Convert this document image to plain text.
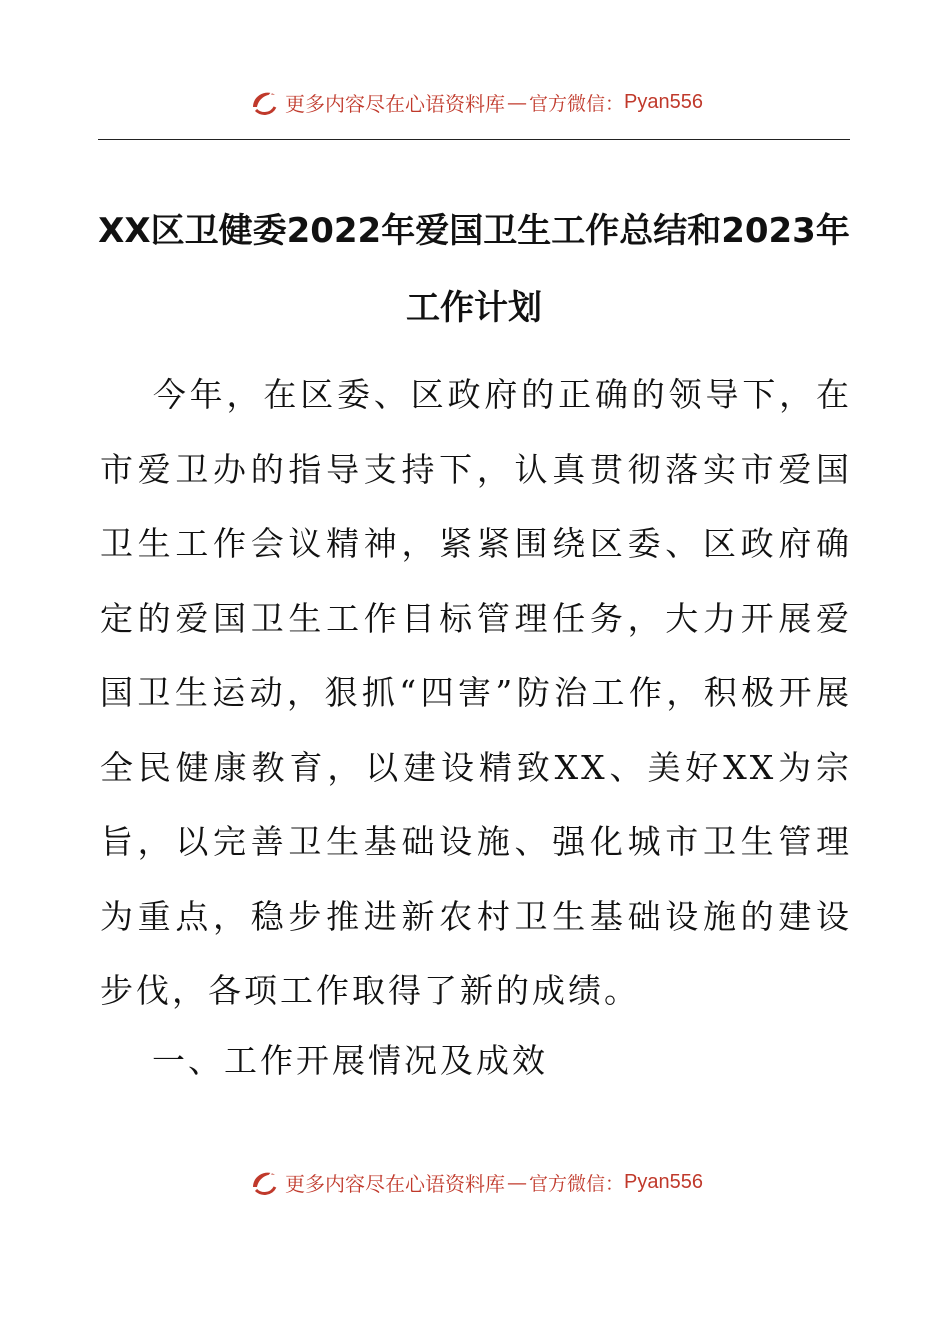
更多内容尽在心语资料库 — 官方微信： Pyan556
XX区卫健委2022年爱国卫生工作总结和2023年
工作计划

今年，在区委、区政府的正确的领导下，在市爱卫办的指导支持下，认真贯彻落实市爱国卫生工作会议精神，紧紧围绕区委、区政府确定的爱国卫生工作目标管理任务，大力开展爱国卫生运动，狠抓“四害”防治工作，积极开展全民健康教育，以建设精致XX、美好XX为宗旨，以完善卫生基础设施、强化城市卫生管理为重点，稳步推进新农村卫生基础设施的建设步伐，各项工作取得了新的成绩。

一、工作开展情况及成效

更多内容尽在心语资料库 — 官方微信： Pyan556
